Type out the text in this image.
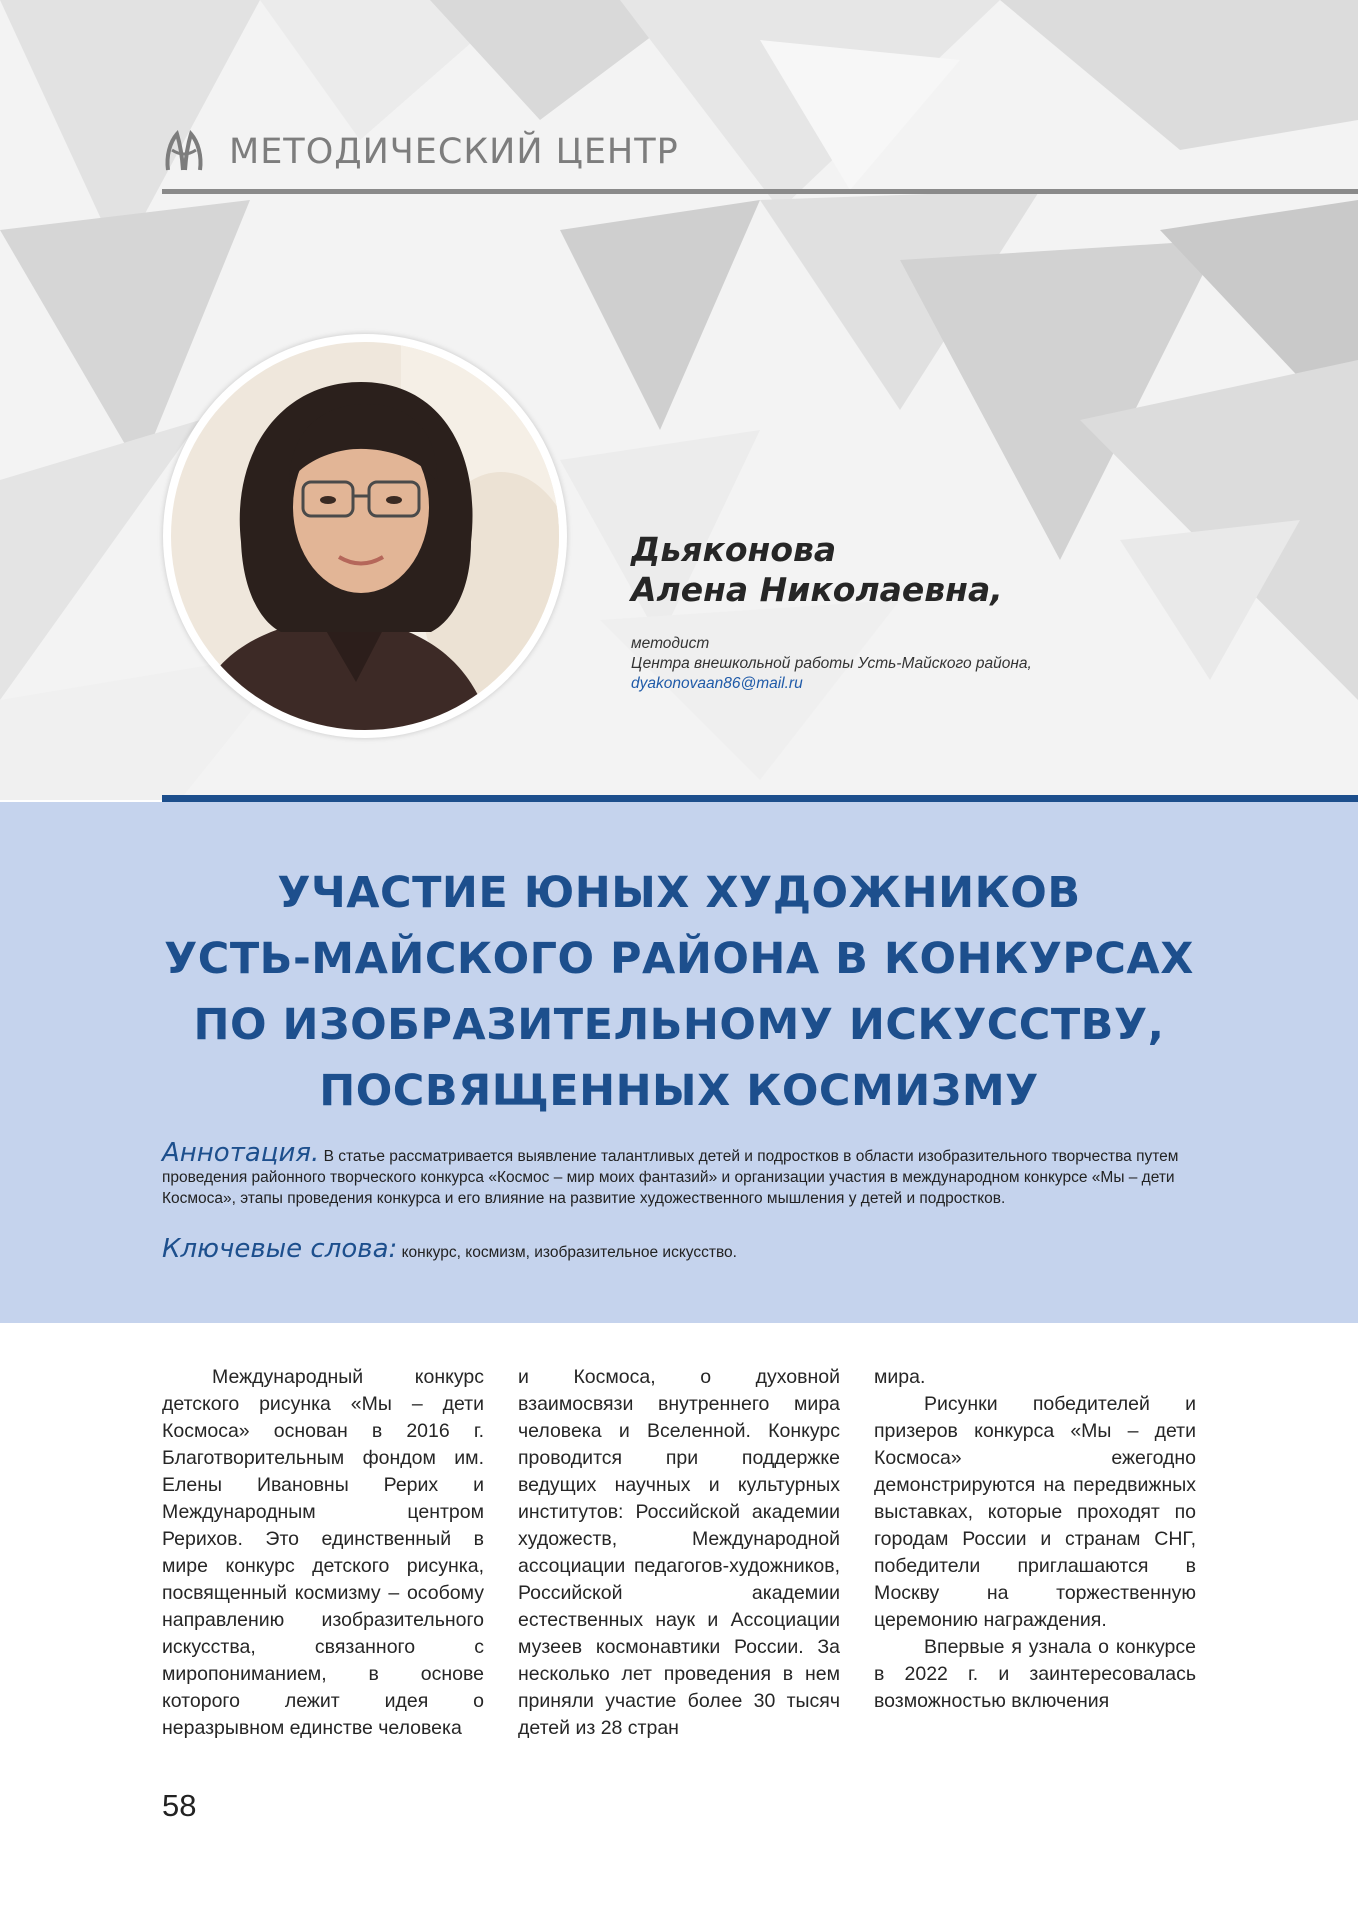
МЕТОДИЧЕСКИЙ ЦЕНТР
Дьяконова
Алена Николаевна,
методист
Центра внешкольной работы Усть-Майского района,
dyakonovaan86@mail.ru
УЧАСТИЕ ЮНЫХ ХУДОЖНИКОВ
УСТЬ-МАЙСКОГО РАЙОНА В КОНКУРСАХ
ПО ИЗОБРАЗИТЕЛЬНОМУ ИСКУССТВУ,
ПОСВЯЩЕННЫХ КОСМИЗМУ
Аннотация. В статье рассматривается выявление талантливых детей и подростков в области изобразительного творчества путем проведения районного творческого конкурса «Космос – мир моих фантазий» и организации участия в международном конкурсе «Мы – дети Космоса», этапы проведения конкурса и его влияние на развитие художественного мышления у детей и подростков.
Ключевые слова: конкурс, космизм, изобразительное искусство.

Международный конкурс детского рисунка «Мы – дети Космоса» основан в 2016 г. Благотворительным фондом им. Елены Ивановны Рерих и Международным центром Рерихов. Это единственный в мире конкурс детского рисунка, посвященный космизму – особому направлению изобразительного искусства, связанного с миропониманием, в основе которого лежит идея о неразрывном единстве человека

и Космоса, о духовной взаимосвязи внутреннего мира человека и Вселенной. Конкурс проводится при поддержке ведущих научных и культурных институтов: Российской академии художеств, Международной ассоциации педагогов-художников, Российской академии естественных наук и Ассоциации музеев космонавтики России. За несколько лет проведения в нем приняли участие более 30 тысяч детей из 28 стран

мира.

Рисунки победителей и призеров конкурса «Мы – дети Космоса» ежегодно демонстрируются на передвижных выставках, которые проходят по городам России и странам СНГ, победители приглашаются в Москву на торжественную церемонию награждения.

Впервые я узнала о конкурсе в 2022 г. и заинтересовалась возможностью включения

58
